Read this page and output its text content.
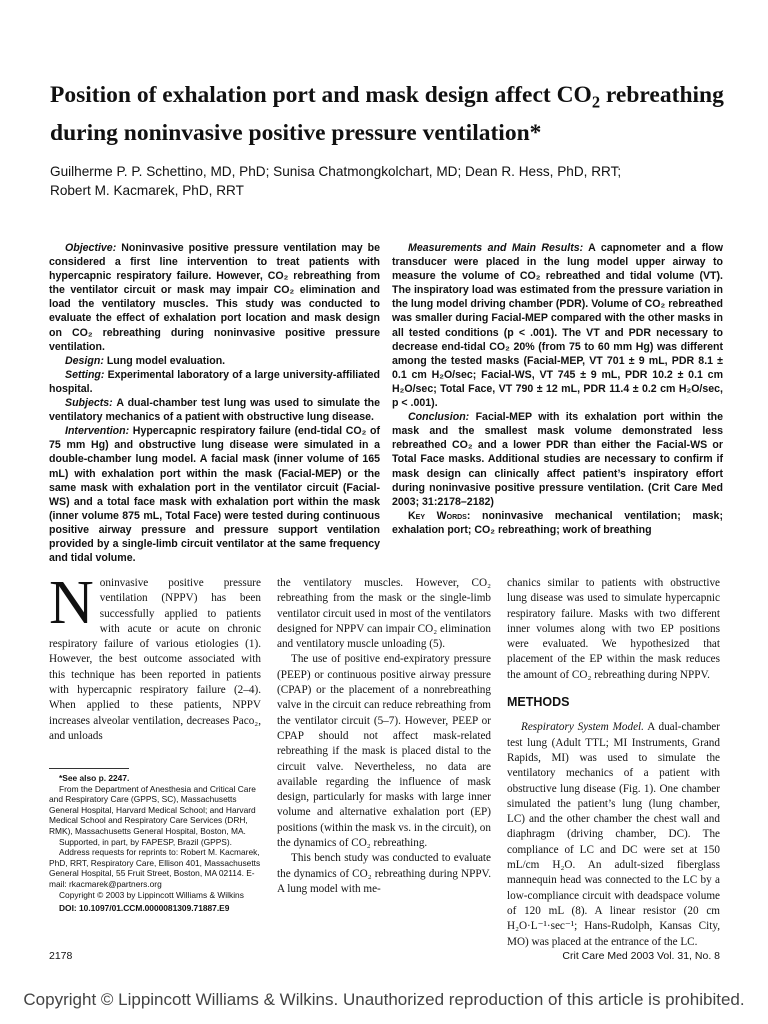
Position of exhalation port and mask design affect $CO_2$ rebreathing during noninvasive positive pressure ventilation*
Guilherme P. P. Schettino, MD, PhD; Sunisa Chatmongkolchart, MD; Dean R. Hess, PhD, RRT;
Robert M. Kacmarek, PhD, RRT

Objective: Noninvasive positive pressure ventilation may be considered a first line intervention to treat patients with hypercapnic respiratory failure. However, CO₂ rebreathing from the ventilator circuit or mask may impair CO₂ elimination and load the ventilatory muscles. This study was conducted to evaluate the effect of exhalation port location and mask design on CO₂ rebreathing during noninvasive positive pressure ventilation.

Design: Lung model evaluation.

Setting: Experimental laboratory of a large university-affiliated hospital.

Subjects: A dual-chamber test lung was used to simulate the ventilatory mechanics of a patient with obstructive lung disease.

Intervention: Hypercapnic respiratory failure (end-tidal CO₂ of 75 mm Hg) and obstructive lung disease were simulated in a double-chamber lung model. A facial mask (inner volume of 165 mL) with exhalation port within the mask (Facial-MEP) or the same mask with exhalation port in the ventilator circuit (Facial-WS) and a total face mask with exhalation port within the mask (inner volume 875 mL, Total Face) were tested during continuous positive airway pressure and pressure support ventilation provided by a single-limb circuit ventilator at the same frequency and tidal volume.

Measurements and Main Results: A capnometer and a flow transducer were placed in the lung model upper airway to measure the volume of CO₂ rebreathed and tidal volume (VT). The inspiratory load was estimated from the pressure variation in the lung model driving chamber (PDR). Volume of CO₂ rebreathed was smaller during Facial-MEP compared with the other masks in all tested conditions (p < .001). The VT and PDR necessary to decrease end-tidal CO₂ 20% (from 75 to 60 mm Hg) was different among the tested masks (Facial-MEP, VT 701 ± 9 mL, PDR 8.1 ± 0.1 cm H₂O/sec; Facial-WS, VT 745 ± 9 mL, PDR 10.2 ± 0.1 cm H₂O/sec; Total Face, VT 790 ± 12 mL, PDR 11.4 ± 0.2 cm H₂O/sec, p < .001).

Conclusion: Facial-MEP with its exhalation port within the mask and the smallest mask volume demonstrated less rebreathed CO₂ and a lower PDR than either the Facial-WS or Total Face masks. Additional studies are necessary to confirm if mask design can clinically affect patient’s inspiratory effort during noninvasive positive pressure ventilation. (Crit Care Med 2003; 31:2178–2182)

Key Words: noninvasive mechanical ventilation; mask; exhalation port; CO₂ rebreathing; work of breathing

Noninvasive positive pressure ventilation (NPPV) has been successfully applied to patients with acute or acute on chronic respiratory failure of various etiologies (1). However, the best outcome associated with this technique has been reported in patients with hypercapnic respiratory failure (2–4). When applied to these patients, NPPV increases alveolar ventilation, decreases Paco₂, and unloads

*See also p. 2247.

From the Department of Anesthesia and Critical Care and Respiratory Care (GPPS, SC), Massachusetts General Hospital, Harvard Medical School; and Harvard Medical School and Respiratory Care Services (DRH, RMK), Massachusetts General Hospital, Boston, MA.

Supported, in part, by FAPESP, Brazil (GPPS).

Address requests for reprints to: Robert M. Kacmarek, PhD, RRT, Respiratory Care, Ellison 401, Massachusetts General Hospital, 55 Fruit Street, Boston, MA 02114. E-mail: rkacmarek@partners.org

Copyright © 2003 by Lippincott Williams & Wilkins

DOI: 10.1097/01.CCM.0000081309.71887.E9

the ventilatory muscles. However, CO₂ rebreathing from the mask or the single-limb ventilator circuit used in most of the ventilators designed for NPPV can impair CO₂ elimination and ventilatory muscle unloading (5).

The use of positive end-expiratory pressure (PEEP) or continuous positive airway pressure (CPAP) or the placement of a nonrebreathing valve in the circuit can reduce rebreathing from the ventilator circuit (5–7). However, PEEP or CPAP should not affect mask-related rebreathing if the mask is placed distal to the circuit valve. Nevertheless, no data are available regarding the influence of mask design, particularly for masks with large inner volume and alternative exhalation port (EP) positions (within the mask vs. in the circuit), on the dynamics of CO₂ rebreathing.

This bench study was conducted to evaluate the dynamics of CO₂ rebreathing during NPPV. A lung model with me-

chanics similar to patients with obstructive lung disease was used to simulate hypercapnic respiratory failure. Masks with two different inner volumes along with two EP positions were evaluated. We hypothesized that placement of the EP within the mask reduces the amount of CO₂ rebreathing during NPPV.

METHODS

Respiratory System Model. A dual-chamber test lung (Adult TTL; MI Instruments, Grand Rapids, MI) was used to simulate the ventilatory mechanics of a patient with obstructive lung disease (Fig. 1). One chamber simulated the patient’s lung (lung chamber, LC) and the other chamber the chest wall and diaphragm (driving chamber, DC). The compliance of LC and DC were set at 150 mL/cm H₂O. An adult-sized fiberglass mannequin head was connected to the LC by a low-compliance circuit with deadspace volume of 120 mL (8). A linear resistor (20 cm H₂O·L⁻¹·sec⁻¹; Hans-Rudolph, Kansas City, MO) was placed at the entrance of the LC.

2178	Crit Care Med 2003 Vol. 31, No. 8
Copyright © Lippincott Williams & Wilkins. Unauthorized reproduction of this article is prohibited.
